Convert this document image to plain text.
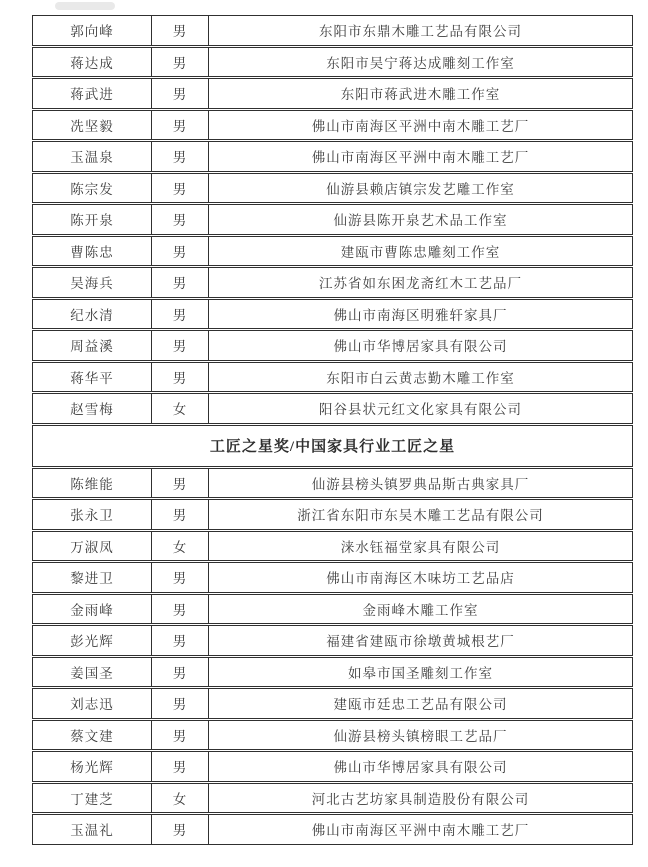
郭向峰	男	东阳市东鼎木雕工艺品有限公司
蒋达成	男	东阳市吴宁蒋达成雕刻工作室
蒋武进	男	东阳市蒋武进木雕工作室
冼坚毅	男	佛山市南海区平洲中南木雕工艺厂
玉温泉	男	佛山市南海区平洲中南木雕工艺厂
陈宗发	男	仙游县赖店镇宗发艺雕工作室
陈开泉	男	仙游县陈开泉艺术品工作室
曹陈忠	男	建瓯市曹陈忠雕刻工作室
吴海兵	男	江苏省如东困龙斋红木工艺品厂
纪水清	男	佛山市南海区明雅轩家具厂
周益溪	男	佛山市华博居家具有限公司
蒋华平	男	东阳市白云黄志勤木雕工作室
赵雪梅	女	阳谷县状元红文化家具有限公司
工匠之星奖/中国家具行业工匠之星
陈维能	男	仙游县榜头镇罗典品斯古典家具厂
张永卫	男	浙江省东阳市东吴木雕工艺品有限公司
万淑凤	女	涞水钰福堂家具有限公司
黎进卫	男	佛山市南海区木味坊工艺品店
金雨峰	男	金雨峰木雕工作室
彭光辉	男	福建省建瓯市徐墩黄城根艺厂
姜国圣	男	如皋市国圣雕刻工作室
刘志迅	男	建瓯市廷忠工艺品有限公司
蔡文建	男	仙游县榜头镇榜眼工艺品厂
杨光辉	男	佛山市华博居家具有限公司
丁建芝	女	河北古艺坊家具制造股份有限公司
玉温礼	男	佛山市南海区平洲中南木雕工艺厂
